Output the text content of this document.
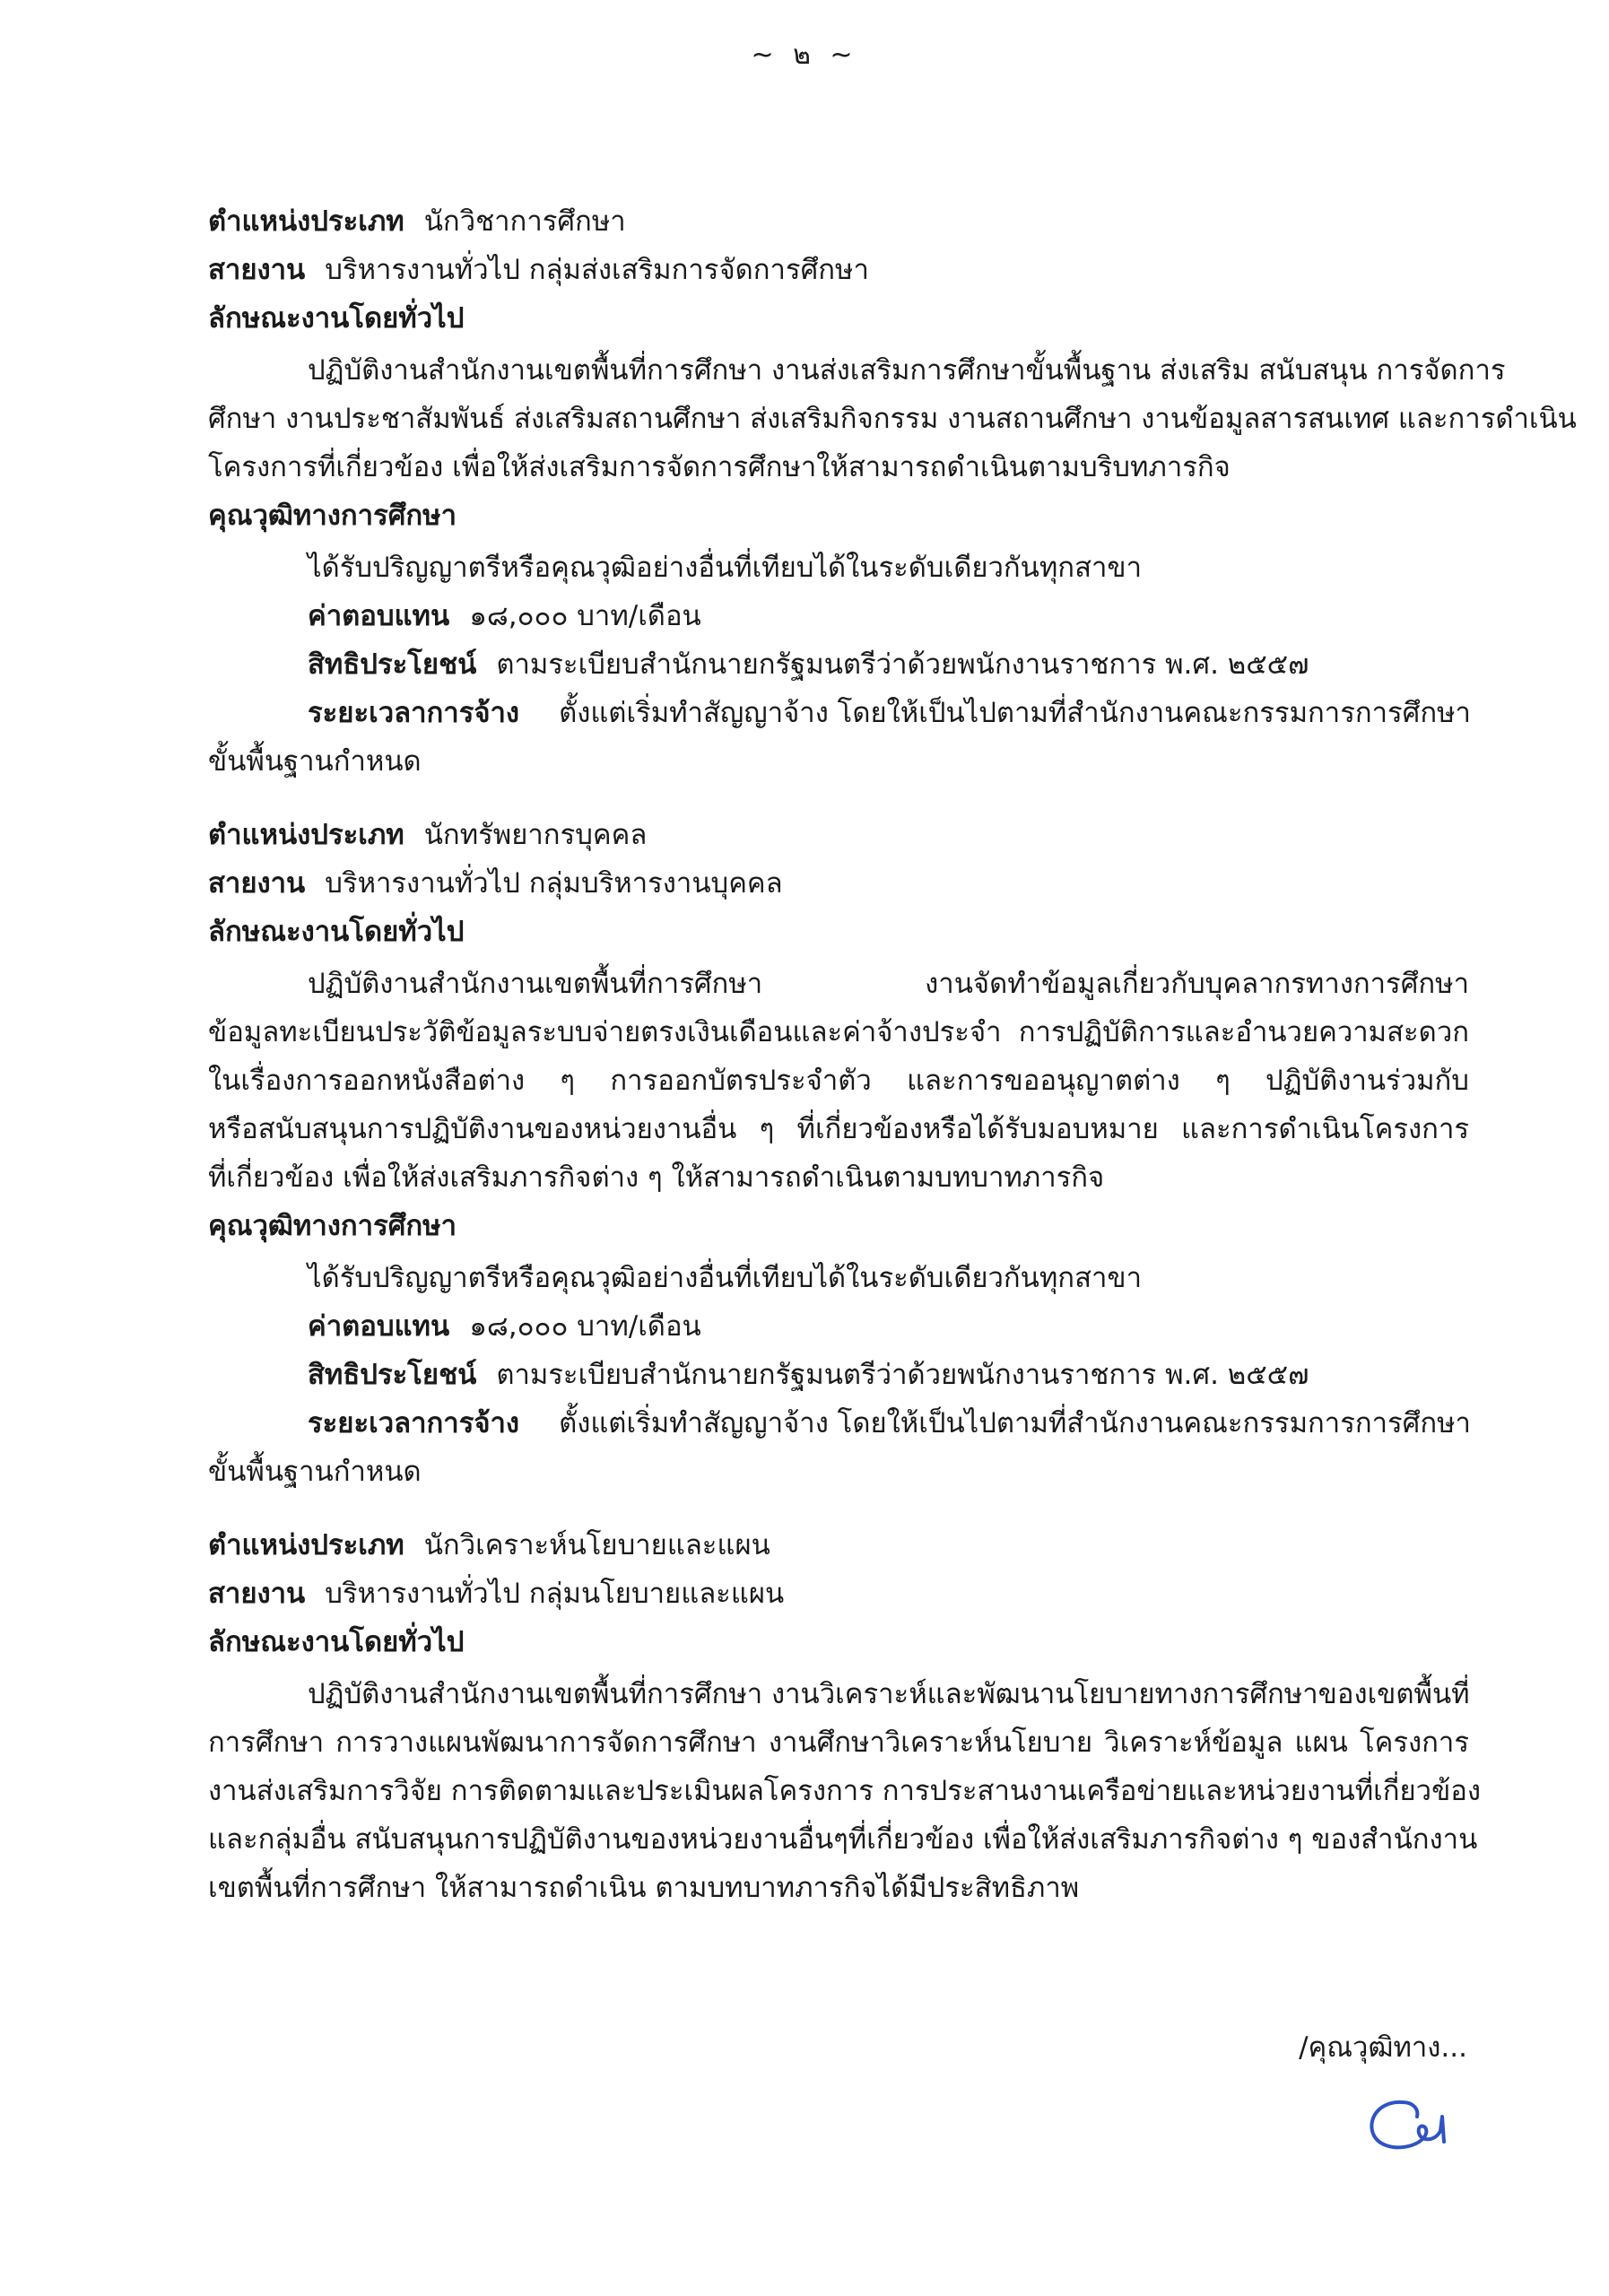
~ ๒ ~
ตำแหน่งประเภท นักวิชาการศึกษา
สายงาน บริหารงานทั่วไป กลุ่มส่งเสริมการจัดการศึกษา
ลักษณะงานโดยทั่วไป
ปฏิบัติงานสำนักงานเขตพื้นที่การศึกษา งานส่งเสริมการศึกษาขั้นพื้นฐาน ส่งเสริม สนับสนุน การจัดการ
ศึกษา งานประชาสัมพันธ์ ส่งเสริมสถานศึกษา ส่งเสริมกิจกรรม งานสถานศึกษา งานข้อมูลสารสนเทศ และการดำเนิน
โครงการที่เกี่ยวข้อง เพื่อให้ส่งเสริมการจัดการศึกษาให้สามารถดำเนินตามบริบทภารกิจ
คุณวุฒิทางการศึกษา
ได้รับปริญญาตรีหรือคุณวุฒิอย่างอื่นที่เทียบได้ในระดับเดียวกันทุกสาขา
ค่าตอบแทน ๑๘,๐๐๐ บาท/เดือน
สิทธิประโยชน์ ตามระเบียบสำนักนายกรัฐมนตรีว่าด้วยพนักงานราชการ พ.ศ. ๒๕๕๗
ระยะเวลาการจ้าง ตั้งแต่เริ่มทำสัญญาจ้าง โดยให้เป็นไปตามที่สำนักงานคณะกรรมการการศึกษา
ขั้นพื้นฐานกำหนด
ตำแหน่งประเภท นักทรัพยากรบุคคล
สายงาน บริหารงานทั่วไป กลุ่มบริหารงานบุคคล
ลักษณะงานโดยทั่วไป
ปฏิบัติงานสำนักงานเขตพื้นที่การศึกษา งานจัดทำข้อมูลเกี่ยวกับบุคลากรทางการศึกษา
ข้อมูลทะเบียนประวัติข้อมูลระบบจ่ายตรงเงินเดือนและค่าจ้างประจำ การปฏิบัติการและอำนวยความสะดวก
ในเรื่องการออกหนังสือต่าง ๆ การออกบัตรประจำตัว และการขออนุญาตต่าง ๆ ปฏิบัติงานร่วมกับ
หรือสนับสนุนการปฏิบัติงานของหน่วยงานอื่น ๆ ที่เกี่ยวข้องหรือได้รับมอบหมาย และการดำเนินโครงการ
ที่เกี่ยวข้อง เพื่อให้ส่งเสริมภารกิจต่าง ๆ ให้สามารถดำเนินตามบทบาทภารกิจ
คุณวุฒิทางการศึกษา
ได้รับปริญญาตรีหรือคุณวุฒิอย่างอื่นที่เทียบได้ในระดับเดียวกันทุกสาขา
ค่าตอบแทน ๑๘,๐๐๐ บาท/เดือน
สิทธิประโยชน์ ตามระเบียบสำนักนายกรัฐมนตรีว่าด้วยพนักงานราชการ พ.ศ. ๒๕๕๗
ระยะเวลาการจ้าง ตั้งแต่เริ่มทำสัญญาจ้าง โดยให้เป็นไปตามที่สำนักงานคณะกรรมการการศึกษา
ขั้นพื้นฐานกำหนด
ตำแหน่งประเภท นักวิเคราะห์นโยบายและแผน
สายงาน บริหารงานทั่วไป กลุ่มนโยบายและแผน
ลักษณะงานโดยทั่วไป
ปฏิบัติงานสำนักงานเขตพื้นที่การศึกษา งานวิเคราะห์และพัฒนานโยบายทางการศึกษาของเขตพื้นที่
การศึกษา การวางแผนพัฒนาการจัดการศึกษา งานศึกษาวิเคราะห์นโยบาย วิเคราะห์ข้อมูล แผน โครงการ
งานส่งเสริมการวิจัย การติดตามและประเมินผลโครงการ การประสานงานเครือข่ายและหน่วยงานที่เกี่ยวข้อง
และกลุ่มอื่น สนับสนุนการปฏิบัติงานของหน่วยงานอื่นๆที่เกี่ยวข้อง เพื่อให้ส่งเสริมภารกิจต่าง ๆ ของสำนักงาน
เขตพื้นที่การศึกษา ให้สามารถดำเนิน ตามบทบาทภารกิจได้มีประสิทธิภาพ
/คุณวุฒิทาง...
